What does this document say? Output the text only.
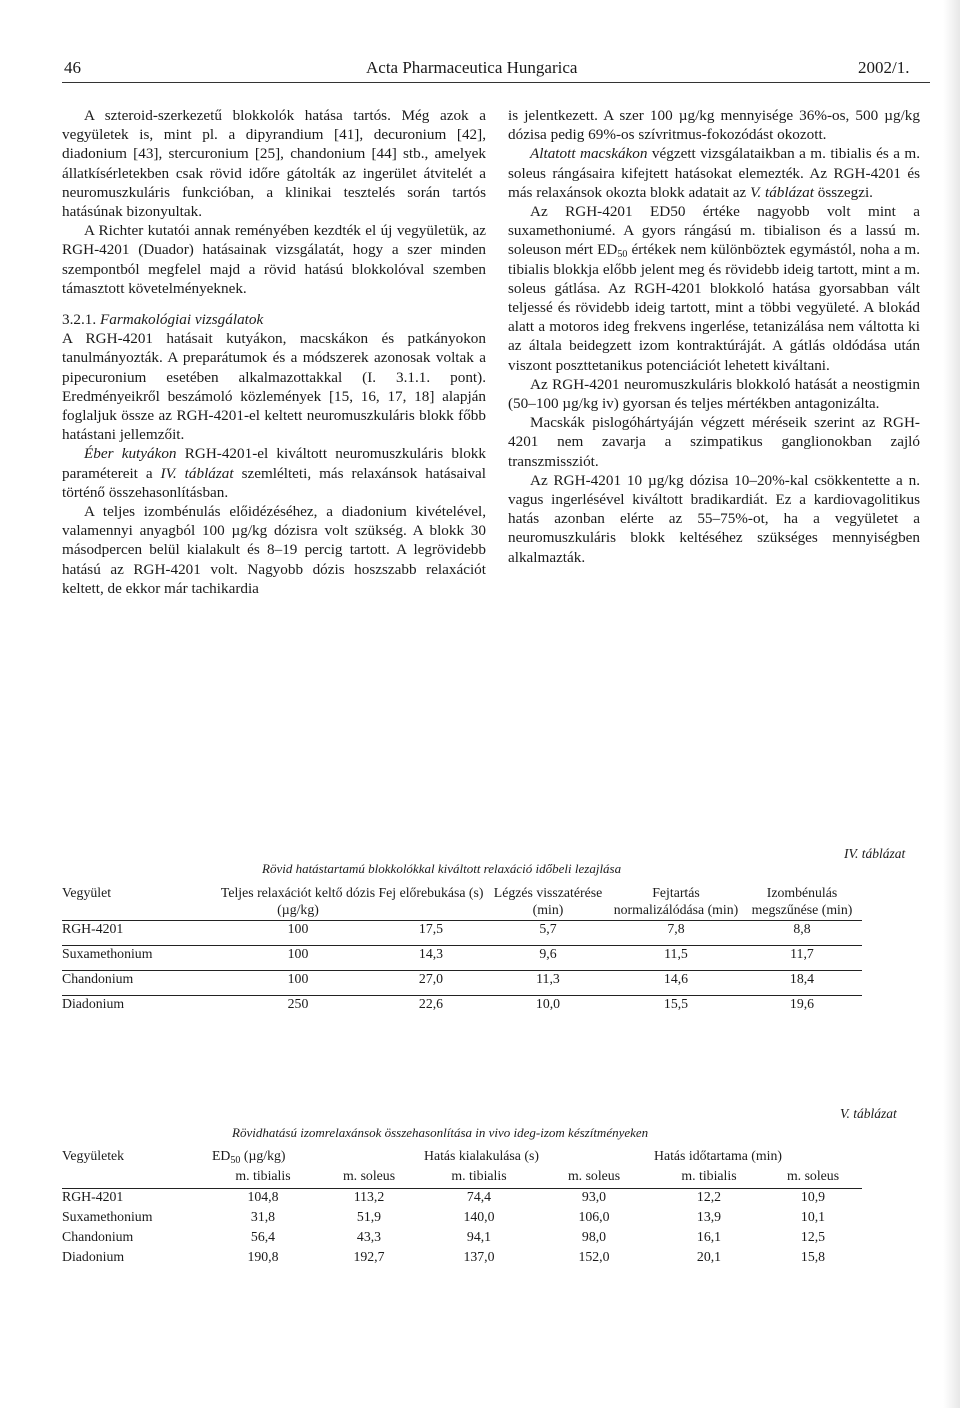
46	Acta Pharmaceutica Hungarica	2002/1.

A szteroid-szerkezetű blokkolók hatása tartós. Még azok a vegyületek is, mint pl. a dipyrandium [41], decuronium [42], diadonium [43], stercuronium [25], chandonium [44] stb., amelyek állatkísérletekben csak rövid időre gátolták az ingerület átvitelét a neuromuszkuláris funkcióban, a klinikai tesztelés során tartós hatásúnak bizonyultak.

A Richter kutatói annak reményében kezdték el új vegyületük, az RGH-4201 (Duador) hatásainak vizsgálatát, hogy a szer minden szempontból megfelel majd a rövid hatású blokkolóval szemben támasztott követelményeknek.

3.2.1. Farmakológiai vizsgálatok

A RGH-4201 hatásait kutyákon, macskákon és patkányokon tanulmányozták. A preparátumok és a módszerek azonosak voltak a pipecuronium esetében alkalmazottakkal (I. 3.1.1. pont). Eredményeikről beszámoló közlemények [15, 16, 17, 18] alapján foglaljuk össze az RGH-4201-el keltett neuromuszkuláris blokk főbb hatástani jellemzőit.

Éber kutyákon RGH-4201-el kiváltott neuromuszkuláris blokk paramétereit a IV. táblázat szemlélteti, más relaxánsok hatásaival történő összehasonlításban.

A teljes izombénulás előidézéséhez, a diadonium kivételével, valamennyi anyagból 100 µg/kg dózisra volt szükség. A blokk 30 másodpercen belül kialakult és 8–19 percig tartott. A legrövidebb hatású az RGH-4201 volt. Nagyobb dózis hoszszabb relaxációt keltett, de ekkor már tachikardia

is jelentkezett. A szer 100 µg/kg mennyisége 36%-os, 500 µg/kg dózisa pedig 69%-os szívritmus-fokozódást okozott.

Altatott macskákon végzett vizsgálataikban a m. tibialis és a m. soleus rángásaira kifejtett hatásokat elemezték. Az RGH-4201 és más relaxánsok okozta blokk adatait az V. táblázat összegzi.

Az RGH-4201 ED50 értéke nagyobb volt mint a suxamethoniumé. A gyors rángású m. tibialison és a lassú m. soleuson mért $ED_{50}$ értékek nem különböztek egymástól, noha a m. tibialis blokkja előbb jelent meg és rövidebb ideig tartott, mint a m. soleus gátlása. Az RGH-4201 blokkoló hatása gyorsabban vált teljessé és rövidebb ideig tartott, mint a többi vegyületé. A blokád alatt a motoros ideg frekvens ingerlése, tetanizálása nem váltotta ki az általa beidegzett izom kontraktúráját. A gátlás oldódása után viszont poszttetanikus potenciációt lehetett kiváltani.

Az RGH-4201 neuromuszkuláris blokkoló hatását a neostigmin (50–100 µg/kg iv) gyorsan és teljes mértékben antagonizálta.

Macskák pislogóhártyáján végzett méréseik szerint az RGH-4201 nem zavarja a szimpatikus ganglionokban zajló transzmissziót.

Az RGH-4201 10 µg/kg dózisa 10–20%-kal csökkentette a n. vagus ingerlésével kiváltott bradikardiát. Ez a kardiovagolitikus hatás azonban elérte az 55–75%-ot, ha a vegyületet a neuromuszkuláris blokk keltéséhez szükséges mennyiségben alkalmazták.

IV. táblázat
Rövid hatástartamú blokkolókkal kiváltott relaxáció időbeli lezajlása
Vegyület	Teljes relaxációt keltő dózis (µg/kg)	Fej előrebukása (s)	Légzés visszatérése (min)	Fejtartás normalizálódása (min)	Izombénulás megszűnése (min)
RGH-4201	100	17,5	5,7	7,8	8,8
Suxamethonium	100	14,3	9,6	11,5	11,7
Chandonium	100	27,0	11,3	14,6	18,4
Diadonium	250	22,6	10,0	15,5	19,6
V. táblázat
Rövidhatású izomrelaxánsok összehasonlítása in vivo ideg-izom készítményeken
Vegyületek	$ED_{50}$ (µg/kg)		Hatás kialakulása (s)		Hatás időtartama (min)	
	m. tibialis	m. soleus	m. tibialis	m. soleus	m. tibialis	m. soleus
RGH-4201	104,8	113,2	74,4	93,0	12,2	10,9
Suxamethonium	31,8	51,9	140,0	106,0	13,9	10,1
Chandonium	56,4	43,3	94,1	98,0	16,1	12,5
Diadonium	190,8	192,7	137,0	152,0	20,1	15,8
